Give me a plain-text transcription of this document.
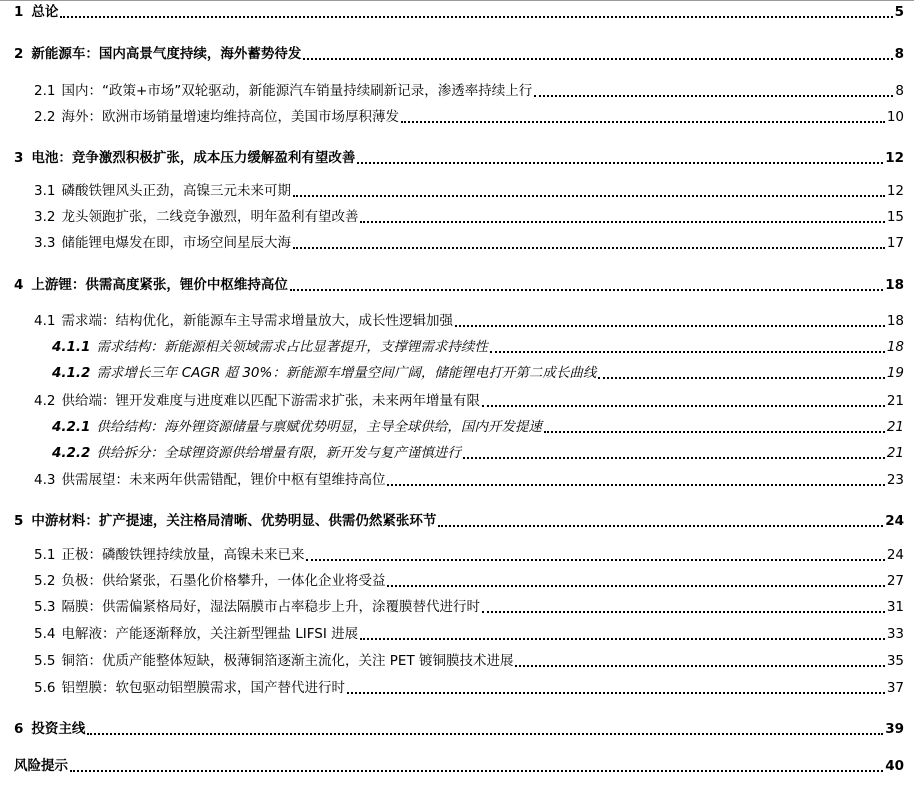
1 总论	5
2 新能源车：国内高景气度持续，海外蓄势待发	8
2.1 国内：“政策+市场”双轮驱动，新能源汽车销量持续刷新记录，渗透率持续上行	8
2.2 海外：欧洲市场销量增速均维持高位，美国市场厚积薄发	10
3 电池：竞争激烈积极扩张，成本压力缓解盈利有望改善	12
3.1 磷酸铁锂风头正劲，高镍三元未来可期	12
3.2 龙头领跑扩张，二线竞争激烈，明年盈利有望改善	15
3.3 储能锂电爆发在即，市场空间星辰大海	17
4 上游锂：供需高度紧张，锂价中枢维持高位	18
4.1 需求端：结构优化，新能源车主导需求增量放大，成长性逻辑加强	18
4.1.1 需求结构：新能源相关领域需求占比显著提升，支撑锂需求持续性	18
4.1.2 需求增长三年 CAGR 超 30%：新能源车增量空间广阔，储能锂电打开第二成长曲线	19
4.2 供给端：锂开发难度与进度难以匹配下游需求扩张，未来两年增量有限	21
4.2.1 供给结构：海外锂资源储量与禀赋优势明显，主导全球供给，国内开发提速	21
4.2.2 供给拆分：全球锂资源供给增量有限，新开发与复产谨慎进行	21
4.3 供需展望：未来两年供需错配，锂价中枢有望维持高位	23
5 中游材料：扩产提速，关注格局清晰、优势明显、供需仍然紧张环节	24
5.1 正极：磷酸铁锂持续放量，高镍未来已来	24
5.2 负极：供给紧张，石墨化价格攀升，一体化企业将受益	27
5.3 隔膜：供需偏紧格局好，湿法隔膜市占率稳步上升，涂覆膜替代进行时	31
5.4 电解液：产能逐渐释放，关注新型锂盐 LIFSI 进展	33
5.5 铜箔：优质产能整体短缺，极薄铜箔逐渐主流化，关注 PET 镀铜膜技术进展	35
5.6 铝塑膜：软包驱动铝塑膜需求，国产替代进行时	37
6 投资主线	39
风险提示	40
